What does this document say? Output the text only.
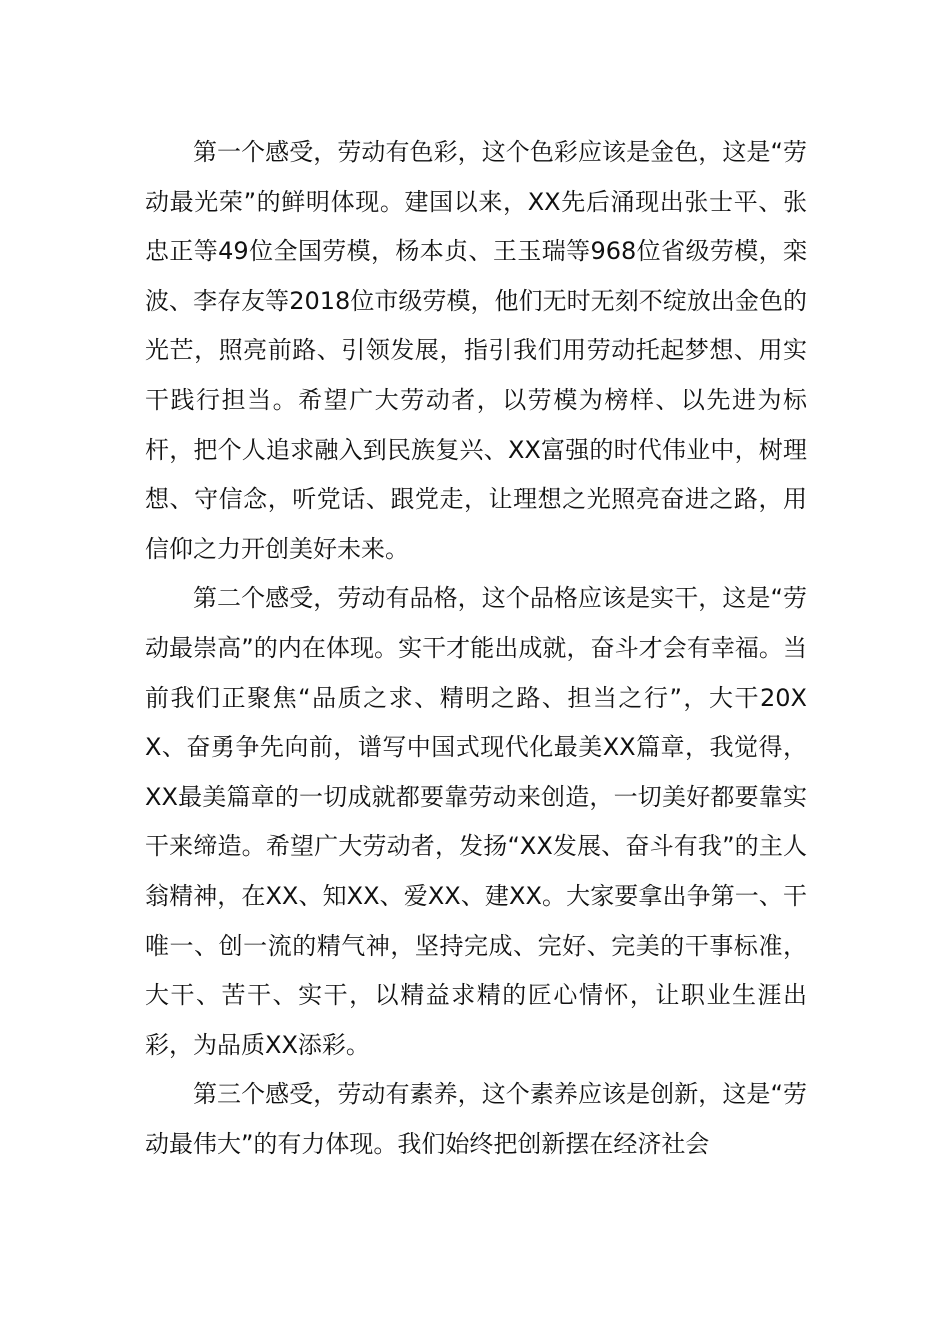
第一个感受，劳动有色彩，这个色彩应该是金色，这是“劳动最光荣”的鲜明体现。建国以来，XX先后涌现出张士平、张忠正等49位全国劳模，杨本贞、王玉瑞等968位省级劳模，栾波、李存友等2018位市级劳模，他们无时无刻不绽放出金色的光芒，照亮前路、引领发展，指引我们用劳动托起梦想、用实干践行担当。希望广大劳动者，以劳模为榜样、以先进为标杆，把个人追求融入到民族复兴、XX富强的时代伟业中，树理想、守信念，听党话、跟党走，让理想之光照亮奋进之路，用信仰之力开创美好未来。

第二个感受，劳动有品格，这个品格应该是实干，这是“劳动最崇高”的内在体现。实干才能出成就，奋斗才会有幸福。当前我们正聚焦“品质之求、精明之路、担当之行”，大干20XX、奋勇争先向前，谱写中国式现代化最美XX篇章，我觉得，XX最美篇章的一切成就都要靠劳动来创造，一切美好都要靠实干来缔造。希望广大劳动者，发扬“XX发展、奋斗有我”的主人翁精神，在XX、知XX、爱XX、建XX。大家要拿出争第一、干唯一、创一流的精气神，坚持完成、完好、完美的干事标准，大干、苦干、实干，以精益求精的匠心情怀，让职业生涯出彩，为品质XX添彩。

第三个感受，劳动有素养，这个素养应该是创新，这是“劳动最伟大”的有力体现。我们始终把创新摆在经济社会
